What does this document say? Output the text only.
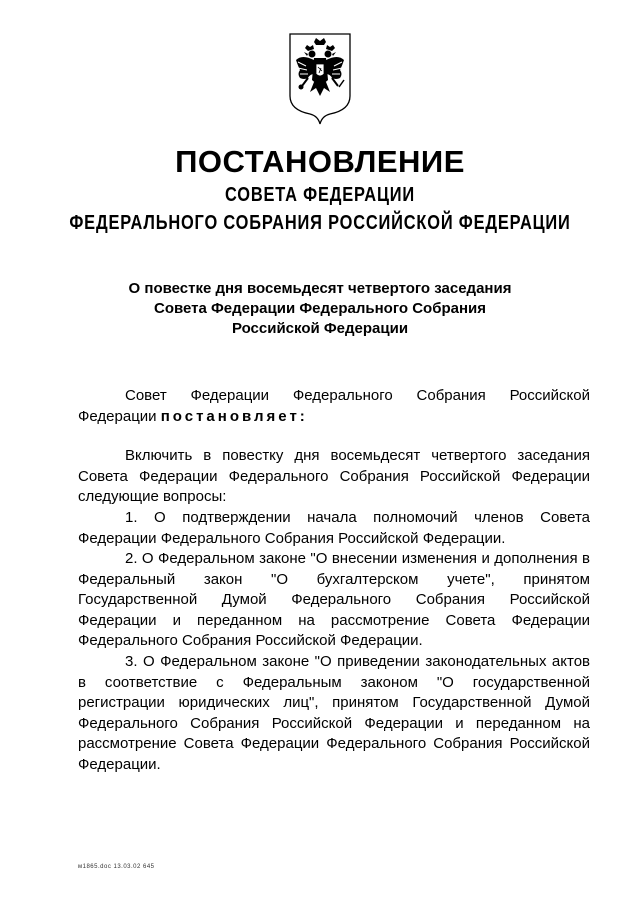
ПОСТАНОВЛЕНИЕ
СОВЕТА ФЕДЕРАЦИИ
ФЕДЕРАЛЬНОГО СОБРАНИЯ РОССИЙСКОЙ ФЕДЕРАЦИИ
О повестке дня восемьдесят четвертого заседания
Совета Федерации Федерального Собрания
Российской Федерации

Совет Федерации Федерального Собрания Российской Федерации постановляет:

Включить в повестку дня восемьдесят четвертого заседания Совета Федерации Федерального Собрания Российской Федерации следующие вопросы:

1. О подтверждении начала полномочий членов Совета Федерации Федерального Собрания Российской Федерации.

2. О Федеральном законе "О внесении изменения и дополнения в Федеральный закон "О бухгалтерском учете", принятом Государственной Думой Федерального Собрания Российской Федерации и переданном на рассмотрение Совета Федерации Федерального Собрания Российской Федерации.

3. О Федеральном законе "О приведении законодательных актов в соответствие с Федеральным законом "О государственной регистрации юридических лиц", принятом Государственной Думой Федерального Собрания Российской Федерации и переданном на рассмотрение Совета Федерации Федерального Собрания Российской Федерации.

м1865.doc 13.03.02 645
